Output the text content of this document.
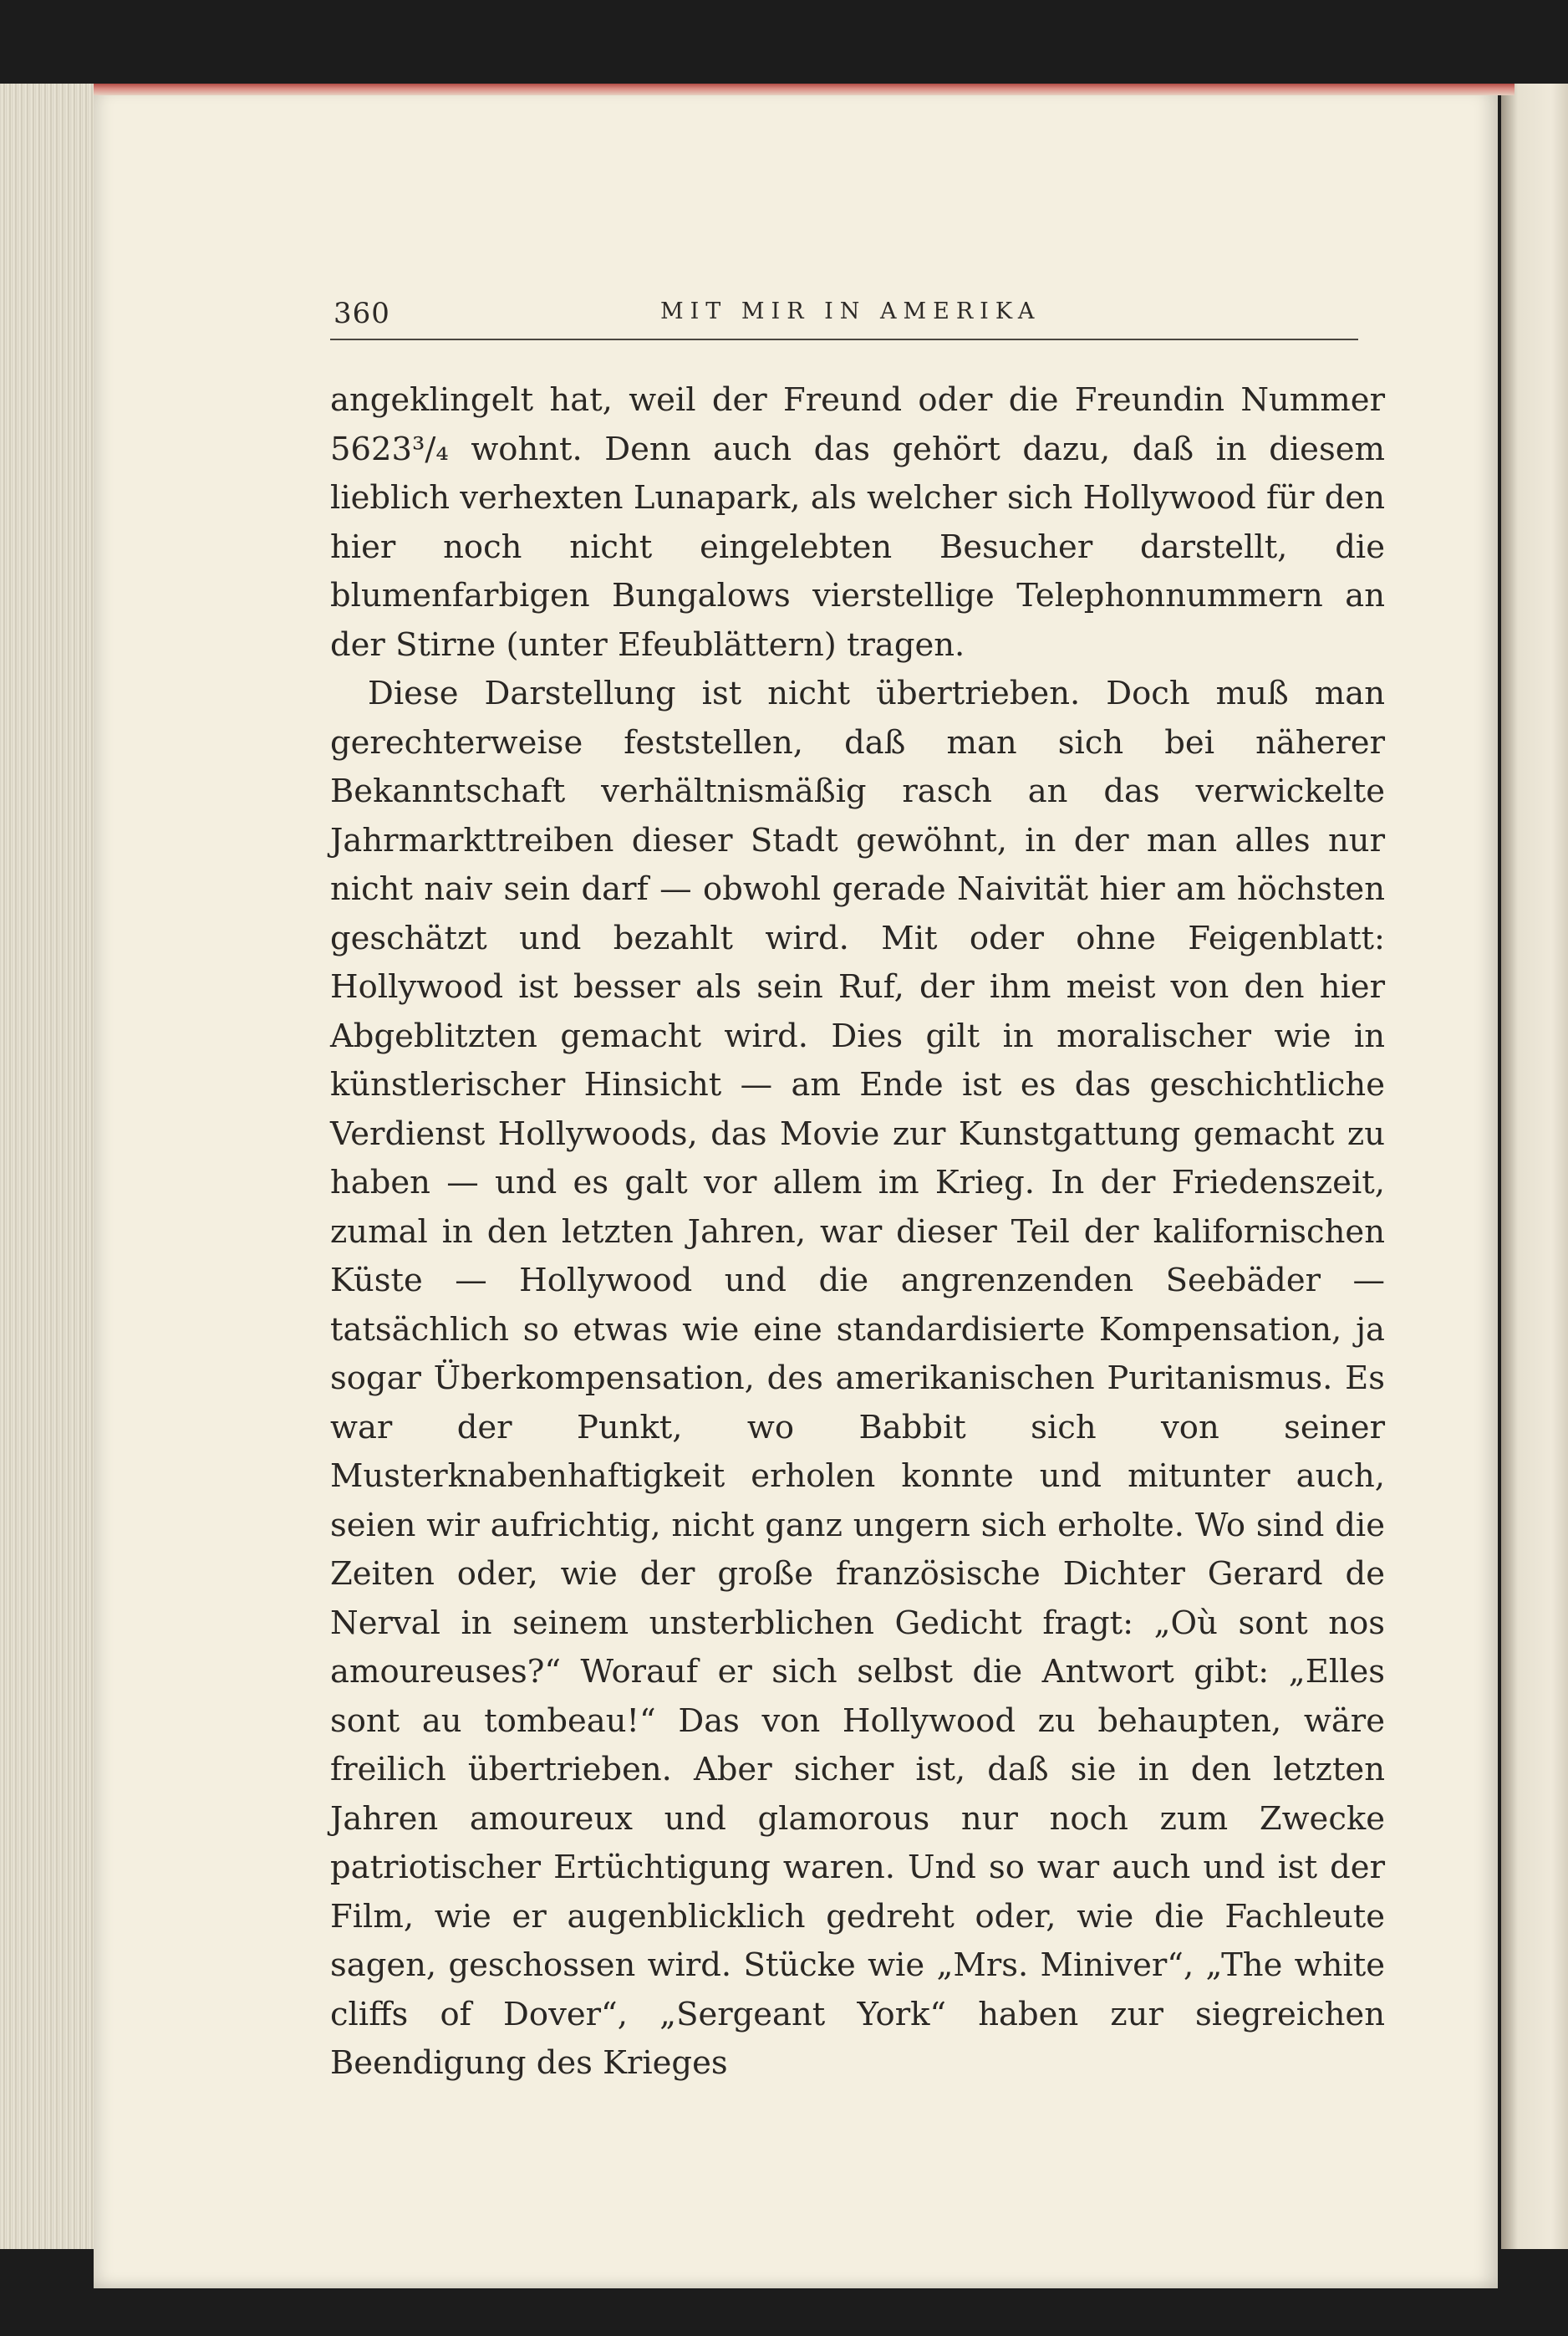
360	MIT MIR IN AMERIKA

angeklingelt hat, weil der Freund oder die Freundin Nummer 5623³/₄ wohnt. Denn auch das gehört dazu, daß in diesem lieblich verhexten Lunapark, als welcher sich Hollywood für den hier noch nicht eingelebten Besucher darstellt, die blumenfarbigen Bungalows vierstellige Telephonnummern an der Stirne (unter Efeublättern) tragen.

Diese Darstellung ist nicht übertrieben. Doch muß man gerechterweise feststellen, daß man sich bei näherer Bekanntschaft verhältnismäßig rasch an das verwickelte Jahrmarkttreiben dieser Stadt gewöhnt, in der man alles nur nicht naiv sein darf — obwohl gerade Naivität hier am höchsten geschätzt und bezahlt wird. Mit oder ohne Feigenblatt: Hollywood ist besser als sein Ruf, der ihm meist von den hier Abgeblitzten gemacht wird. Dies gilt in moralischer wie in künstlerischer Hinsicht — am Ende ist es das geschichtliche Verdienst Hollywoods, das Movie zur Kunstgattung gemacht zu haben — und es galt vor allem im Krieg. In der Friedenszeit, zumal in den letzten Jahren, war dieser Teil der kalifornischen Küste — Hollywood und die angrenzenden Seebäder — tatsächlich so etwas wie eine standardisierte Kompensation, ja sogar Überkompensation, des amerikanischen Puritanismus. Es war der Punkt, wo Babbit sich von seiner Musterknabenhaftigkeit erholen konnte und mitunter auch, seien wir aufrichtig, nicht ganz ungern sich erholte. Wo sind die Zeiten oder, wie der große französische Dichter Gerard de Nerval in seinem unsterblichen Gedicht fragt: „Où sont nos amoureuses?“ Worauf er sich selbst die Antwort gibt: „Elles sont au tombeau!“ Das von Hollywood zu behaupten, wäre freilich übertrieben. Aber sicher ist, daß sie in den letzten Jahren amoureux und glamorous nur noch zum Zwecke patriotischer Ertüchtigung waren. Und so war auch und ist der Film, wie er augenblicklich gedreht oder, wie die Fachleute sagen, geschossen wird. Stücke wie „Mrs. Miniver“, „The white cliffs of Dover“, „Sergeant York“ haben zur siegreichen Beendigung des Krieges
